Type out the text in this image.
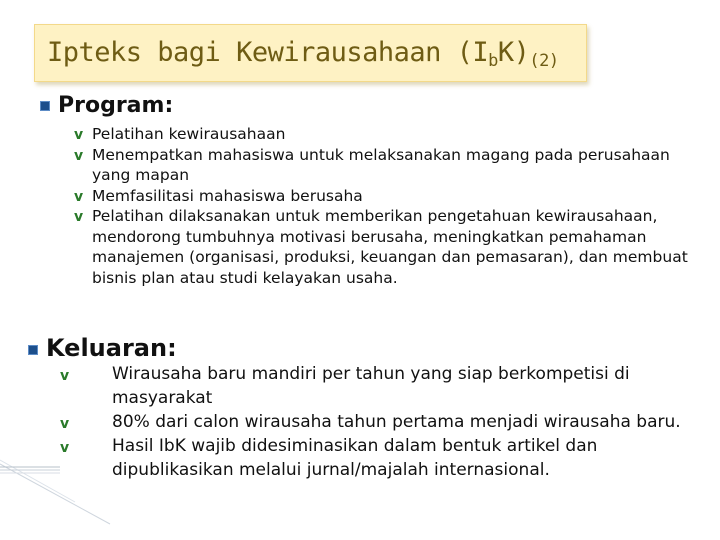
Ipteks bagi Kewirausahaan $(I_bK)_{(2)}$
Program:
v Pelatihan kewirausahaan
v Menempatkan mahasiswa untuk melaksanakan magang pada perusahaan yang mapan
v Memfasilitasi mahasiswa berusaha
v Pelatihan dilaksanakan untuk memberikan pengetahuan kewirausahaan, mendorong tumbuhnya motivasi berusaha, meningkatkan pemahaman manajemen (organisasi, produksi, keuangan dan pemasaran), dan membuat bisnis plan atau studi kelayakan usaha.
Keluaran:
v	Wirausaha baru mandiri per tahun yang siap berkompetisi di masyarakat
v	80% dari calon wirausaha tahun pertama menjadi wirausaha baru.
v	Hasil IbK wajib didesiminasikan dalam bentuk artikel dan dipublikasikan melalui jurnal/majalah internasional.
